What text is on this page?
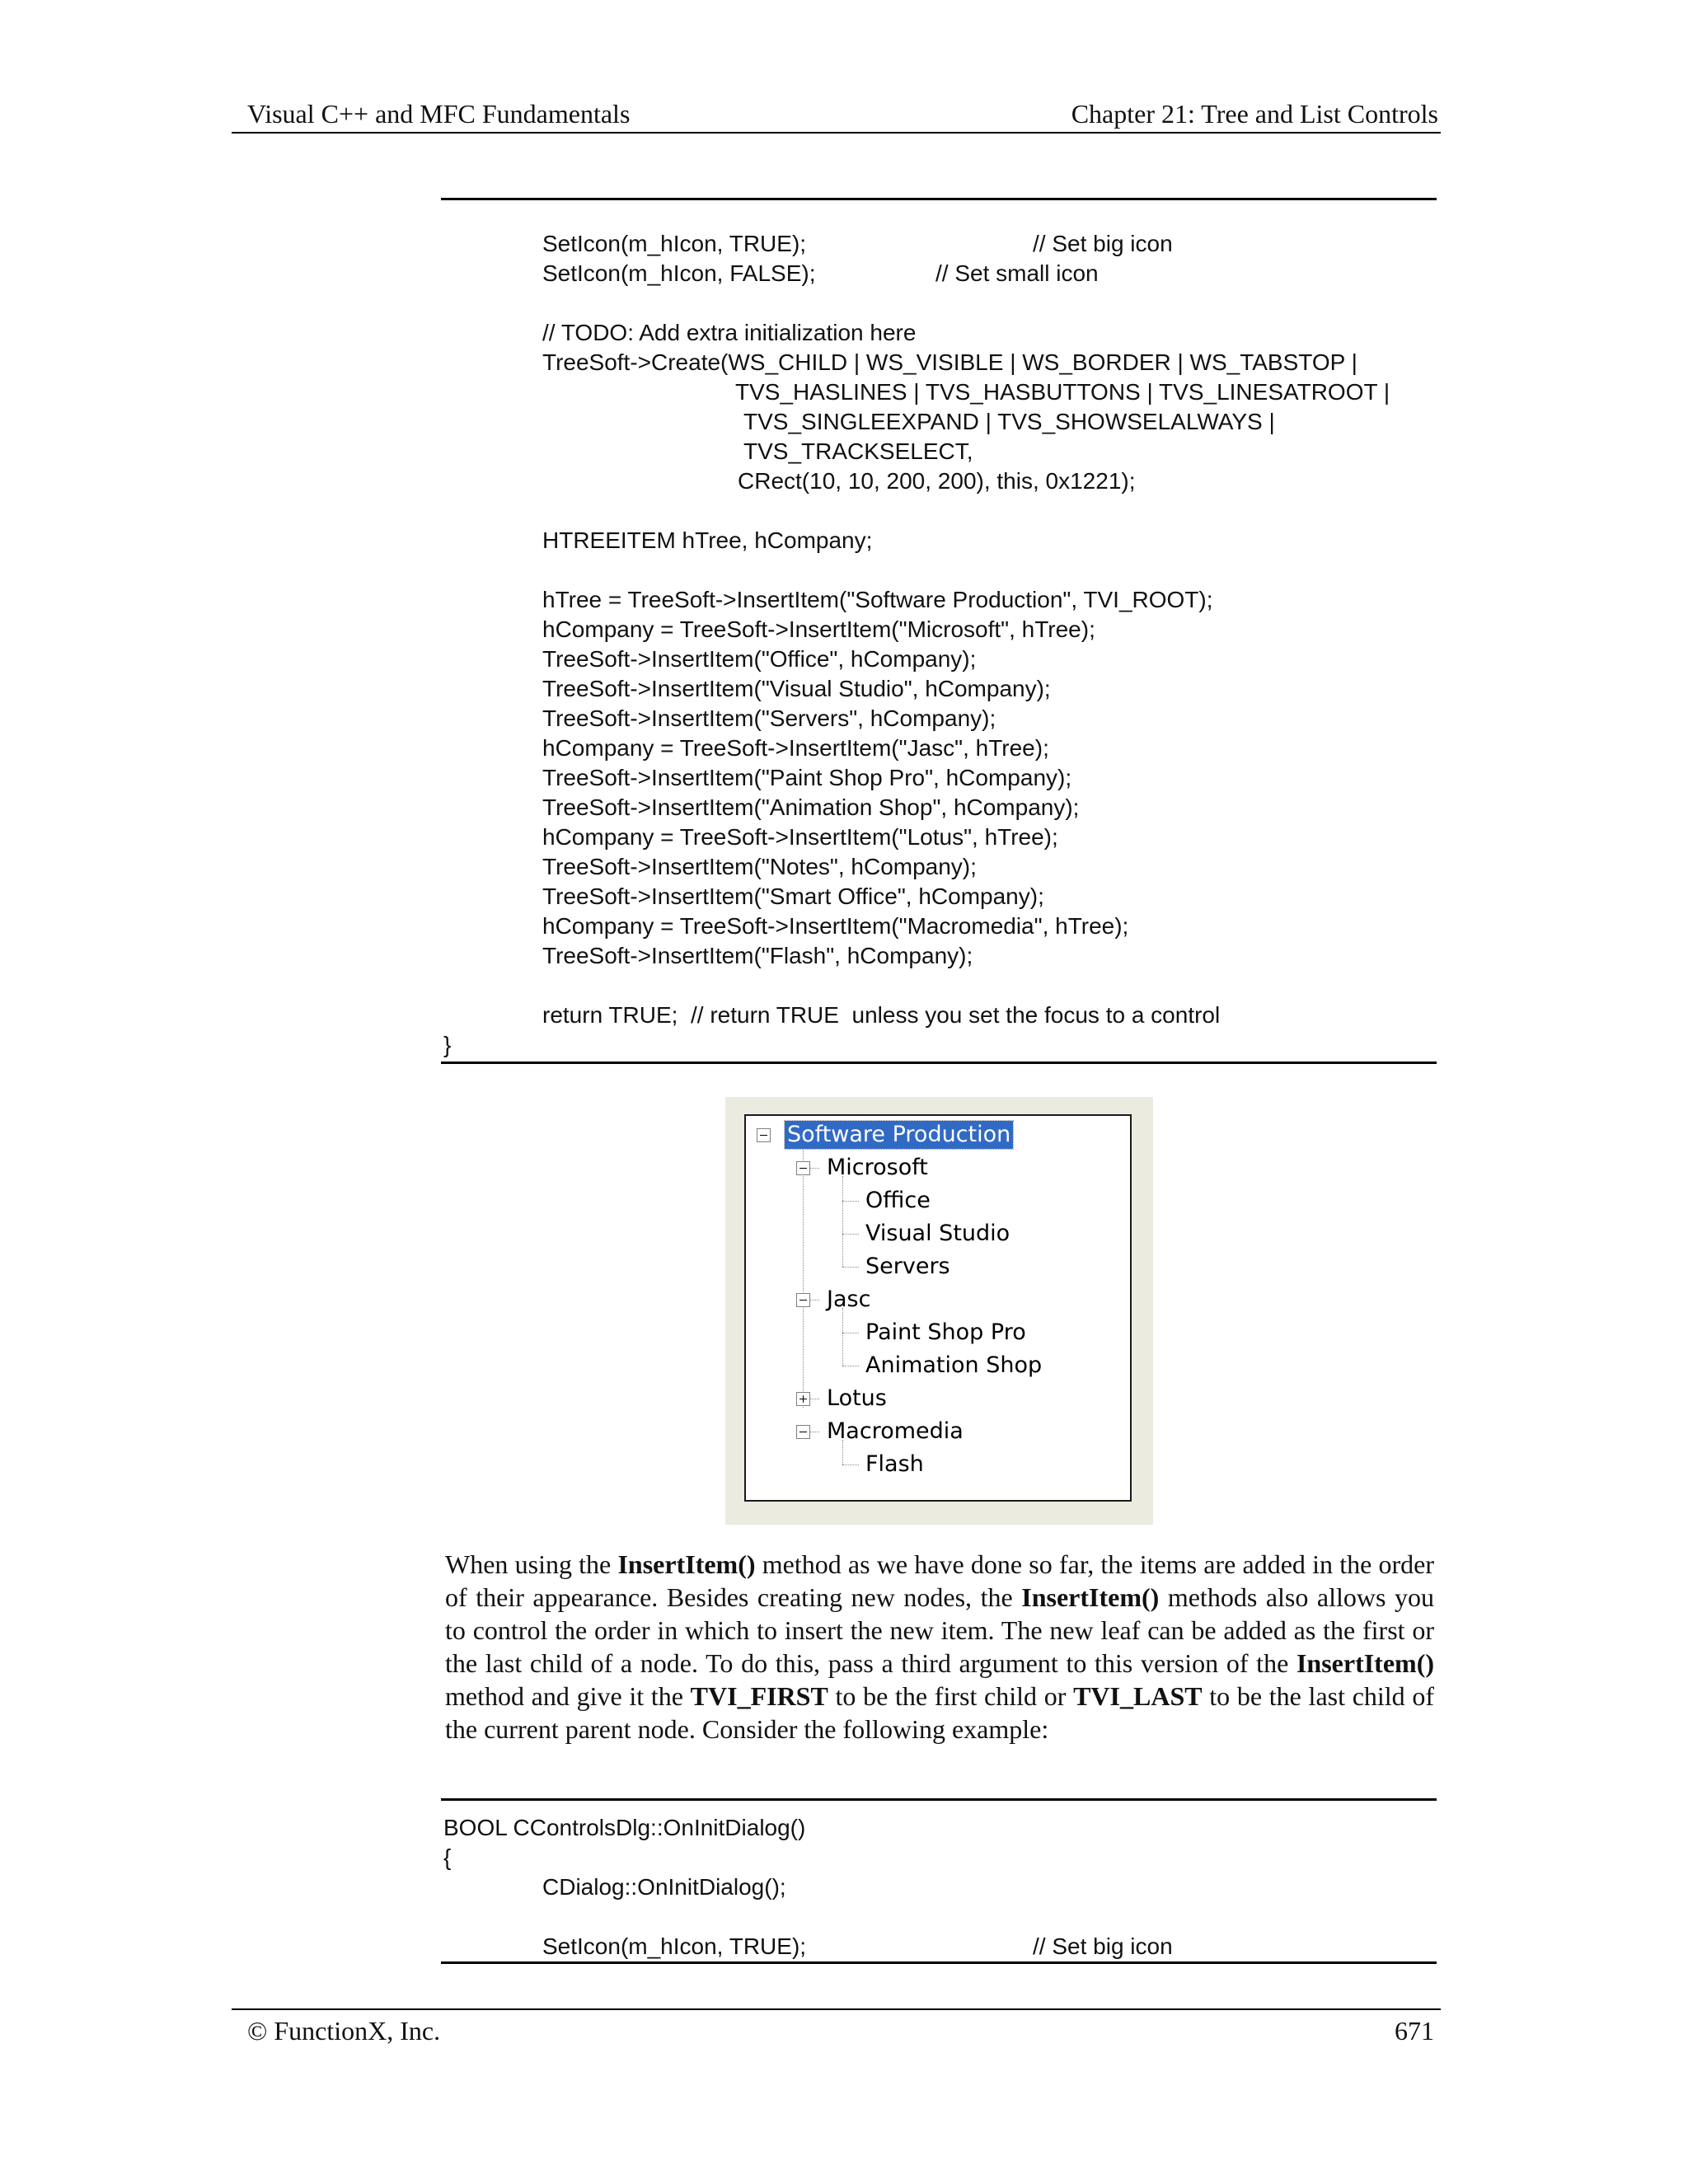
Visual C++ and MFC Fundamentals	Chapter 21: Tree and List Controls
SetIcon(m_hIcon, TRUE);	// Set big icon
SetIcon(m_hIcon, FALSE);	// Set small icon
// TODO: Add extra initialization here
TreeSoft->Create(WS_CHILD | WS_VISIBLE | WS_BORDER | WS_TABSTOP |
TVS_HASLINES | TVS_HASBUTTONS | TVS_LINESATROOT |
TVS_SINGLEEXPAND | TVS_SHOWSELALWAYS |
TVS_TRACKSELECT,
CRect(10, 10, 200, 200), this, 0x1221);
HTREEITEM hTree, hCompany;
hTree = TreeSoft->InsertItem("Software Production", TVI_ROOT);
hCompany = TreeSoft->InsertItem("Microsoft", hTree);
TreeSoft->InsertItem("Office", hCompany);
TreeSoft->InsertItem("Visual Studio", hCompany);
TreeSoft->InsertItem("Servers", hCompany);
hCompany = TreeSoft->InsertItem("Jasc", hTree);
TreeSoft->InsertItem("Paint Shop Pro", hCompany);
TreeSoft->InsertItem("Animation Shop", hCompany);
hCompany = TreeSoft->InsertItem("Lotus", hTree);
TreeSoft->InsertItem("Notes", hCompany);
TreeSoft->InsertItem("Smart Office", hCompany);
hCompany = TreeSoft->InsertItem("Macromedia", hTree);
TreeSoft->InsertItem("Flash", hCompany);
return TRUE;  // return TRUE  unless you set the focus to a control
}
Software Production
Microsoft
Office
Visual Studio
Servers
Jasc
Paint Shop Pro
Animation Shop
Lotus
Macromedia
Flash
When using the InsertItem() method as we have done so far, the items are added in the order of their appearance. Besides creating new nodes, the InsertItem() methods also allows you to control the order in which to insert the new item. The new leaf can be added as the first or the last child of a node. To do this, pass a third argument to this version of the InsertItem() method and give it the TVI_FIRST to be the first child or TVI_LAST to be the last child of the current parent node. Consider the following example:
BOOL CControlsDlg::OnInitDialog()
{
CDialog::OnInitDialog();
SetIcon(m_hIcon, TRUE);	// Set big icon
© FunctionX, Inc.	671
